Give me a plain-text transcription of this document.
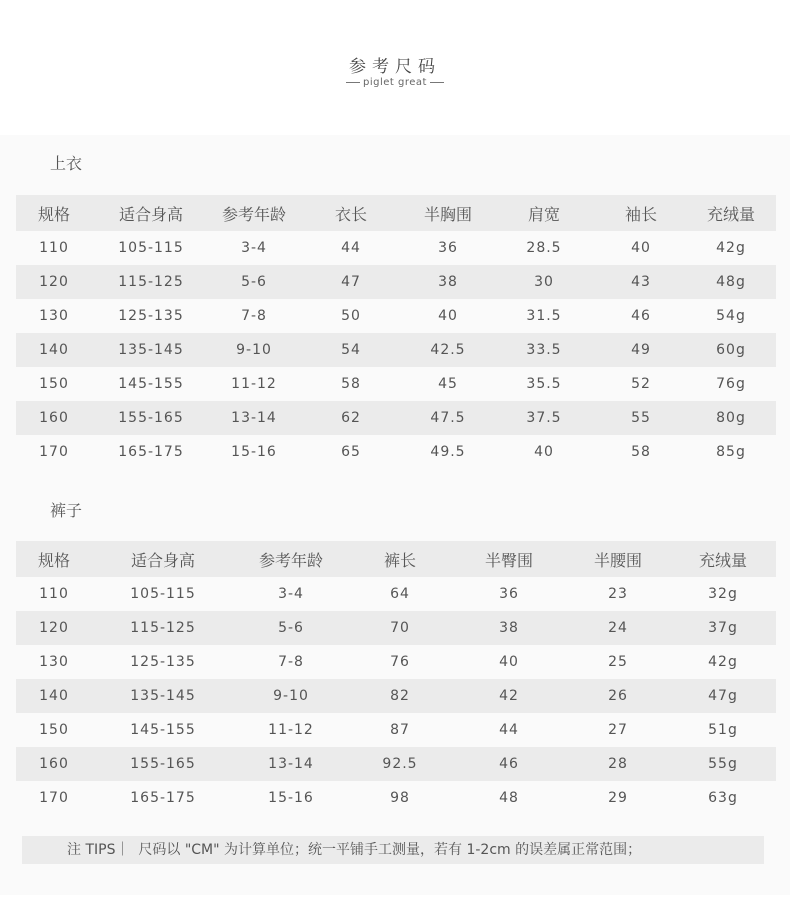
参考尺码
piglet great
上衣
规格	适合身高	参考年龄	衣长	半胸围	肩宽	袖长	充绒量
110	105-115	3-4	44	36	28.5	40	42g
120	115-125	5-6	47	38	30	43	48g
130	125-135	7-8	50	40	31.5	46	54g
140	135-145	9-10	54	42.5	33.5	49	60g
150	145-155	11-12	58	45	35.5	52	76g
160	155-165	13-14	62	47.5	37.5	55	80g
170	165-175	15-16	65	49.5	40	58	85g
裤子
规格	适合身高	参考年龄	裤长	半臀围	半腰围	充绒量
110	105-115	3-4	64	36	23	32g
120	115-125	5-6	70	38	24	37g
130	125-135	7-8	76	40	25	42g
140	135-145	9-10	82	42	26	47g
150	145-155	11-12	87	44	27	51g
160	155-165	13-14	92.5	46	28	55g
170	165-175	15-16	98	48	29	63g
注 TIPS｜ 尺码以 "CM" 为计算单位；统一平铺手工测量，若有 1-2cm 的误差属正常范围；
